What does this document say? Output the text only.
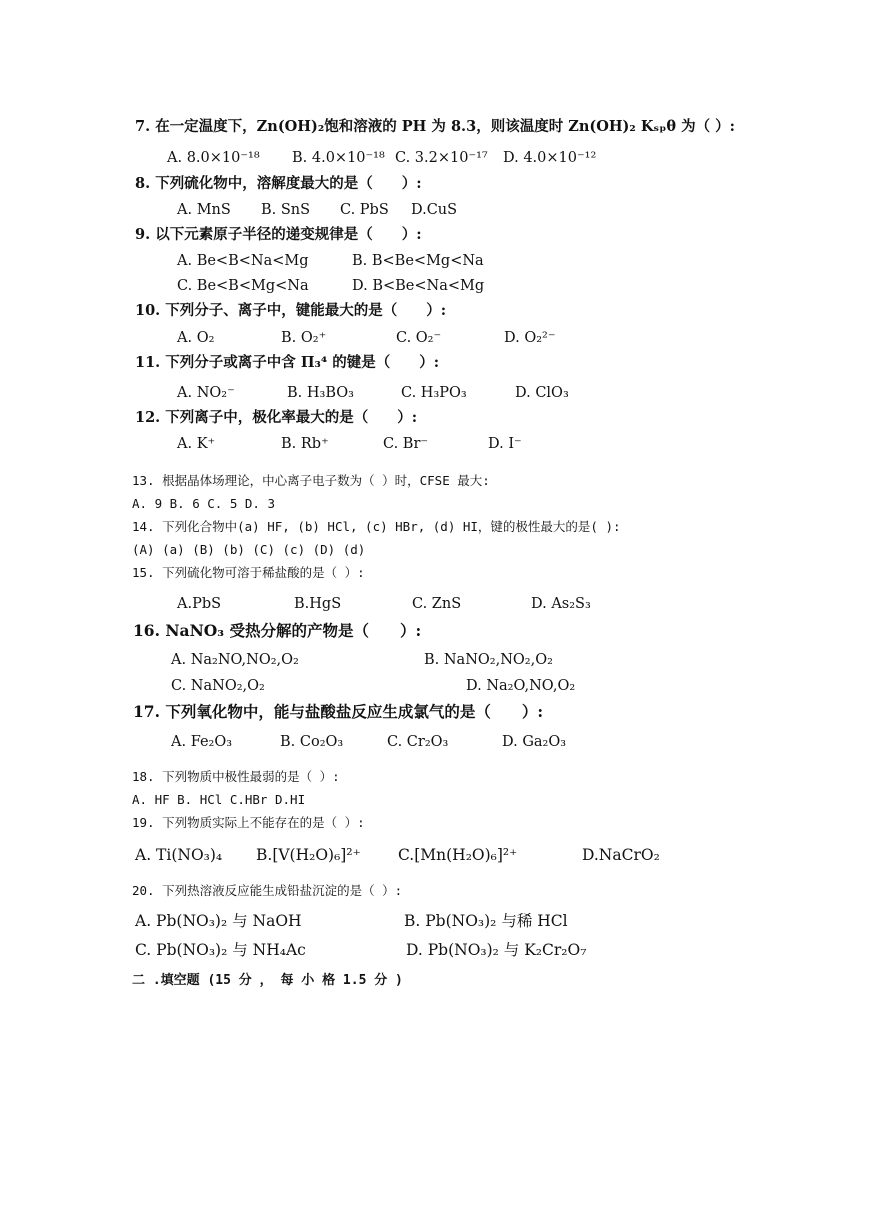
7. 在一定温度下，Zn(OH)₂饱和溶液的 PH 为 8.3，则该温度时 Zn(OH)₂ Kₛₚθ 为（ ）:
A. 8.0×10⁻¹⁸ B. 4.0×10⁻¹⁸ C. 3.2×10⁻¹⁷ D. 4.0×10⁻¹²
8. 下列硫化物中，溶解度最大的是（　　）:
A. MnS B. SnS C. PbS D.CuS
9. 以下元素原子半径的递变规律是（　　）:
A. Be<B<Na<Mg	B. B<Be<Mg<Na
C. Be<B<Mg<Na	D. B<Be<Na<Mg
10. 下列分子、离子中，键能最大的是（　　）:
A. O₂	B. O₂⁺	C. O₂⁻	D. O₂²⁻
11. 下列分子或离子中含 Π₃⁴ 的键是（　　）:
A. NO₂⁻	B. H₃BO₃	C. H₃PO₃	D. ClO₃
12. 下列离子中，极化率最大的是（　　）:
A. K⁺	B. Rb⁺	C. Br⁻	D. I⁻
13. 根据晶体场理论，中心离子电子数为（ ）时，CFSE 最大:
A. 9 B. 6 C. 5 D. 3
14. 下列化合物中(a) HF, (b) HCl, (c) HBr, (d) HI，键的极性最大的是( ):
(A) (a) (B) (b) (C) (c) (D) (d)
15. 下列硫化物可溶于稀盐酸的是（ ）:
A.PbS	B.HgS	C. ZnS	D. As₂S₃
16. NaNO₃ 受热分解的产物是（　　）:
A. Na₂NO,NO₂,O₂	B. NaNO₂,NO₂,O₂
C. NaNO₂,O₂	D. Na₂O,NO,O₂
17. 下列氧化物中，能与盐酸盐反应生成氯气的是（　　）:
A. Fe₂O₃	B. Co₂O₃	C. Cr₂O₃	D. Ga₂O₃
18. 下列物质中极性最弱的是（ ）:
A. HF B. HCl C.HBr D.HI
19. 下列物质实际上不能存在的是（ ）:
A. Ti(NO₃)₄ B.[V(H₂O)₆]²⁺ C.[Mn(H₂O)₆]²⁺	D.NaCrO₂
20. 下列热溶液反应能生成铅盐沉淀的是（ ）:
A. Pb(NO₃)₂ 与 NaOH	B. Pb(NO₃)₂ 与稀 HCl
C. Pb(NO₃)₂ 与 NH₄Ac	D. Pb(NO₃)₂ 与 K₂Cr₂O₇
二 .填空题 (15 分 ， 每 小 格 1.5 分 )
